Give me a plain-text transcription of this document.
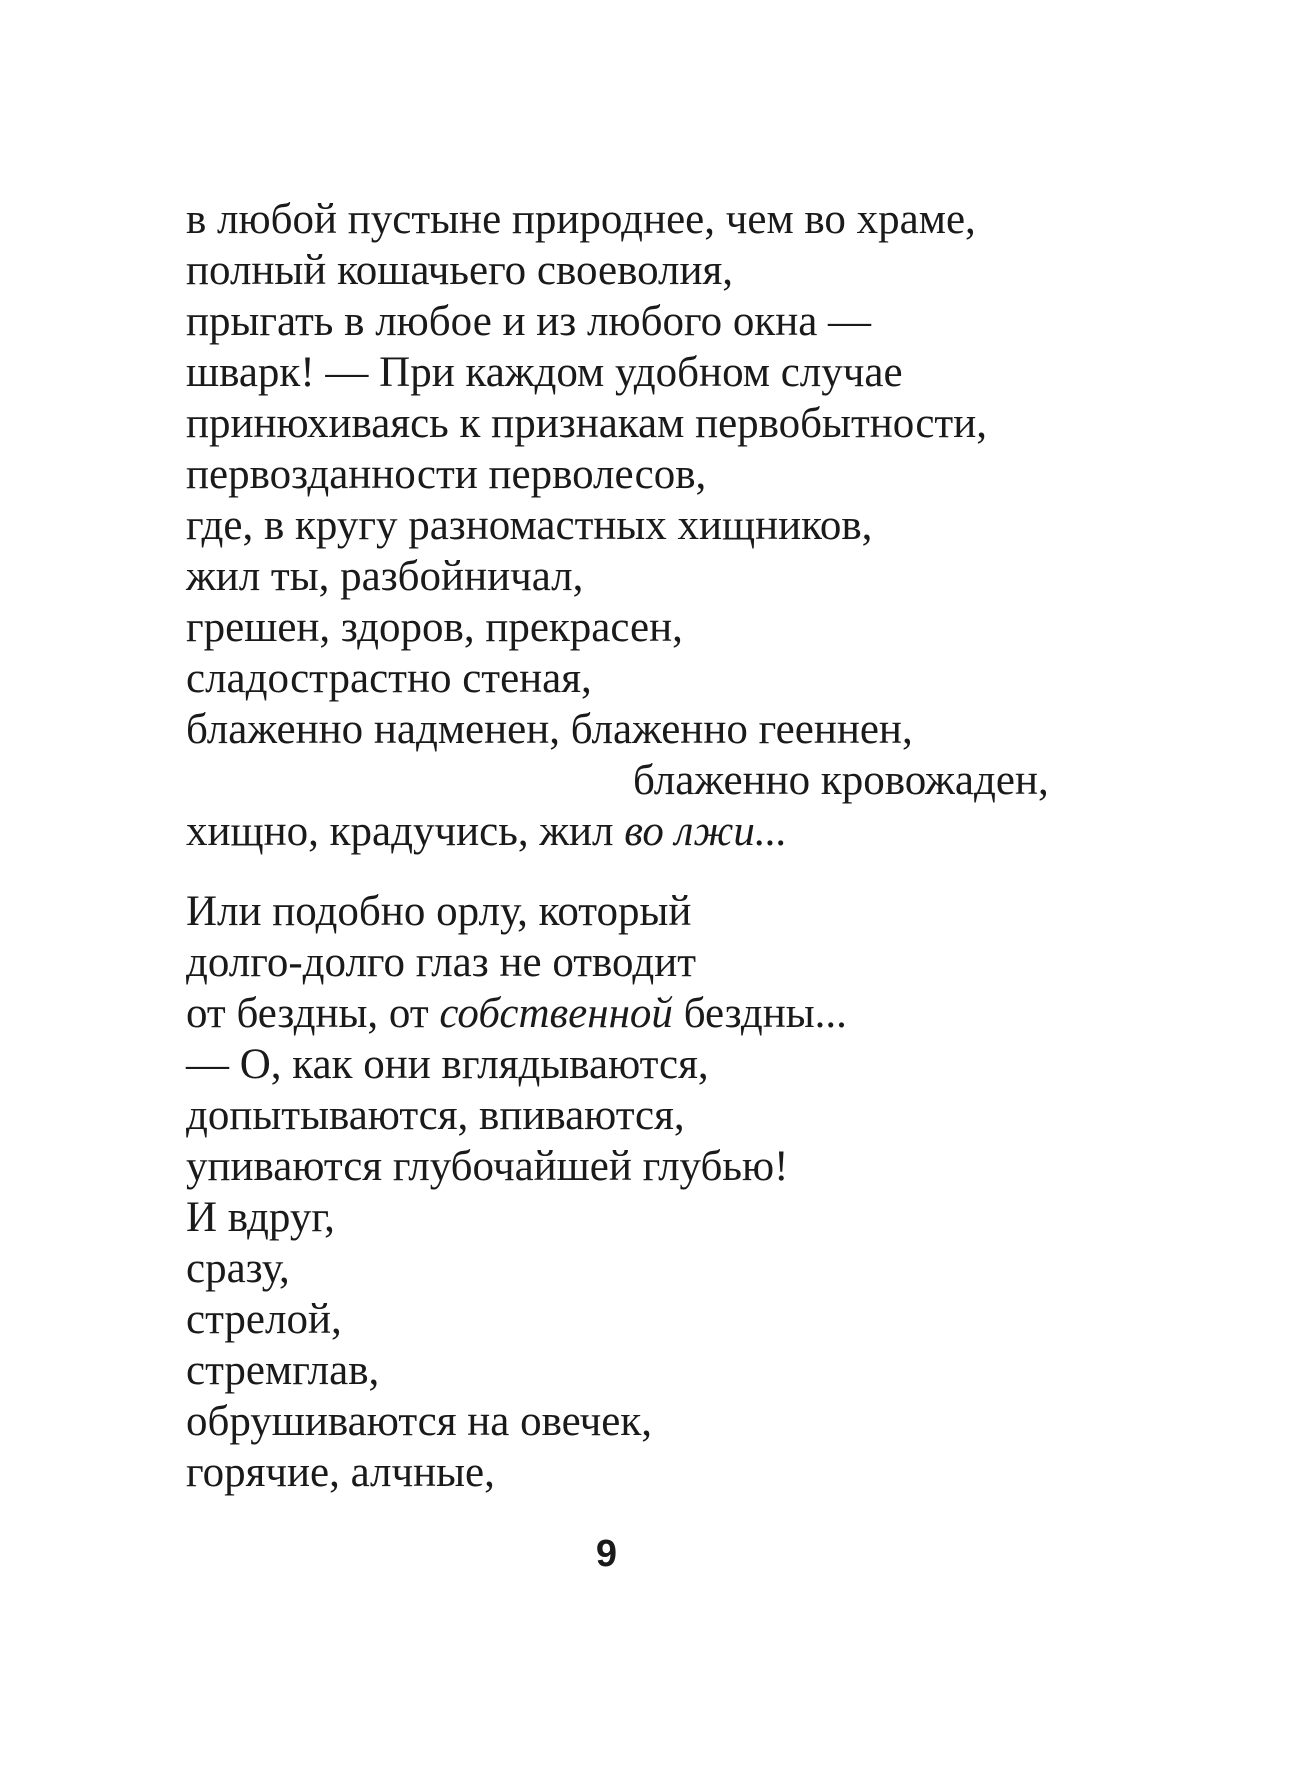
в любой пустыне природнее, чем во храме,
полный кошачьего своеволия,
прыгать в любое и из любого окна —
шварк! — При каждом удобном случае
принюхиваясь к признакам первобытности,
первозданности перволесов,
где, в кругу разномастных хищников,
жил ты, разбойничал,
грешен, здоров, прекрасен,
сладострастно стеная,
блаженно надменен, блаженно гееннен,
блаженно кровожаден,
хищно, крадучись, жил во лжи...
Или подобно орлу, который
долго-долго глаз не отводит
от бездны, от собственной бездны...
— О, как они вглядываются,
допытываются, впиваются,
упиваются глубочайшей глубью!
И вдруг,
сразу,
стрелой,
стремглав,
обрушиваются на овечек,
горячие, алчные,
9
